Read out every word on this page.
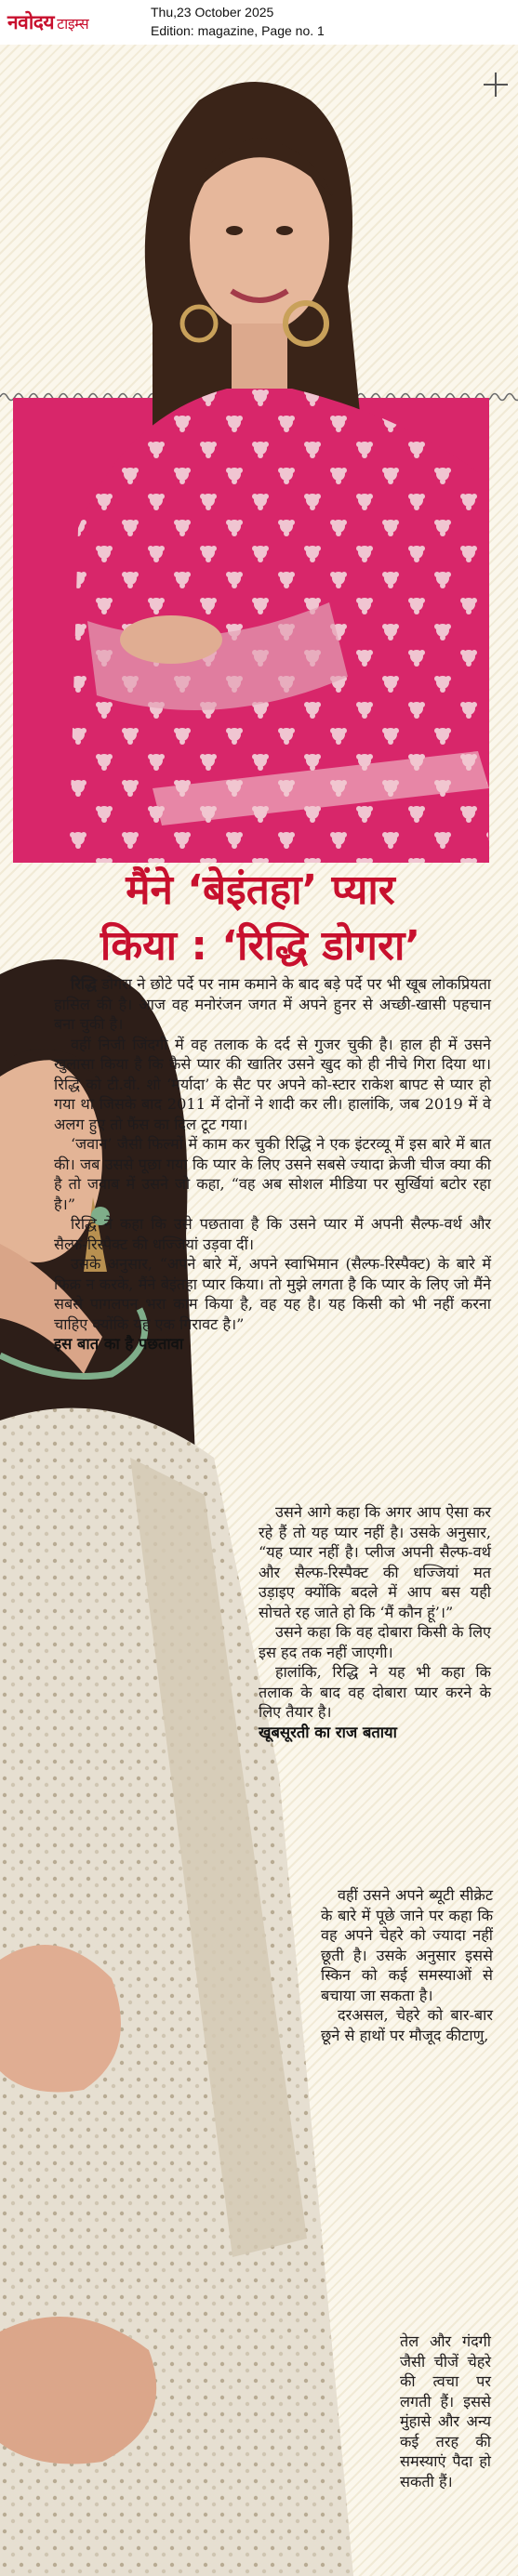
नवोदय टाइम्स
Thu,23 October 2025
Edition: magazine, Page no. 1
मैंने ‘बेइंतहा’ प्यार
किया : ‘रिद्धि डोगरा’

रिद्धि डोगरा ने छोटे पर्दे पर नाम कमाने के बाद बड़े पर्दे पर भी खूब लोकप्रियता हासिल की है। आज वह मनोरंजन जगत में अपने हुनर से अच्छी-खासी पहचान बना चुकी है।

वहीं निजी जिंदगी में वह तलाक के दर्द से गुजर चुकी है। हाल ही में उसने खुलासा किया है कि कैसे प्यार की खातिर उसने खुद को ही नीचे गिरा दिया था। रिद्धि को टी.वी. शो ‘मर्यादा’ के सैट पर अपने को-स्टार राकेश बापट से प्यार हो गया था जिसके बाद 2011 में दोनों ने शादी कर ली। हालांकि, जब 2019 में वे अलग हुए तो फैंस का दिल टूट गया।

‘जवान’ जैसी फिल्मों में काम कर चुकी रिद्धि ने एक इंटरव्यू में इस बारे में बात की। जब उससे पूछा गया कि प्यार के लिए उसने सबसे ज्यादा क्रेजी चीज क्या की है तो जवाब में उसने जो कहा, “वह अब सोशल मीडिया पर सुर्खियां बटोर रहा है।”

रिद्धि ने कहा कि उसे पछतावा है कि उसने प्यार में अपनी सैल्फ-वर्थ और सैल्फ-रिस्पैक्ट की धज्जियां उड़वा दीं।

उसके अनुसार, “अपने बारे में, अपने स्वाभिमान (सैल्फ-रिस्पैक्ट) के बारे में फिक्र न करके, मैंने बेइंतहा प्यार किया। तो मुझे लगता है कि प्यार के लिए जो मैंने सबसे पागलपन भरा काम किया है, वह यह है। यह किसी को भी नहीं करना चाहिए क्योंकि यह एक गिरावट है।”

इस बात का है पछतावा

उसने आगे कहा कि अगर आप ऐसा कर रहे हैं तो यह प्यार नहीं है। उसके अनुसार, “यह प्यार नहीं है। प्लीज अपनी सैल्फ-वर्थ और सैल्फ-रिस्पैक्ट की धज्जियां मत उड़ाइए क्योंकि बदले में आप बस यही सोचते रह जाते हो कि ‘मैं कौन हूं’।”

उसने कहा कि वह दोबारा किसी के लिए इस हद तक नहीं जाएगी।

हालांकि, रिद्धि ने यह भी कहा कि तलाक के बाद वह दोबारा प्यार करने के लिए तैयार है।

खूबसूरती का राज बताया

वहीं उसने अपने ब्यूटी सीक्रेट के बारे में पूछे जाने पर कहा कि वह अपने चेहरे को ज्यादा नहीं छूती है। उसके अनुसार इससे स्किन को कई समस्याओं से बचाया जा सकता है।

दरअसल, चेहरे को बार-बार छूने से हाथों पर मौजूद कीटाणु,

तेल और गंदगी जैसी चीजें चेहरे की त्वचा पर लगती हैं। इससे मुंहासे और अन्य कई तरह की समस्याएं पैदा हो सकती हैं।
